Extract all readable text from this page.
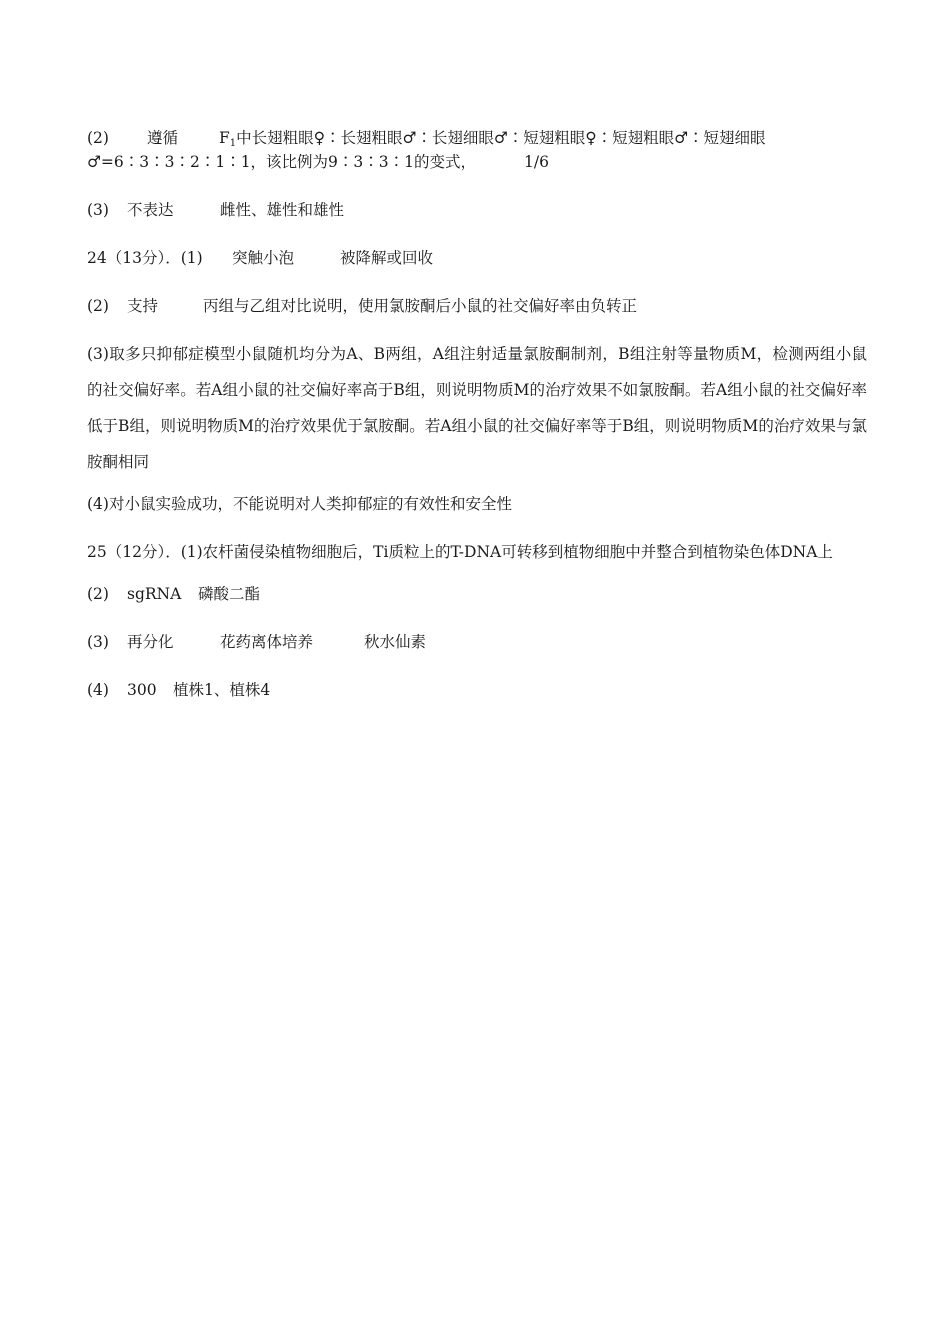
(2) 遵循	$F_1$中长翅粗眼♀∶长翅粗眼♂∶长翅细眼♂∶短翅粗眼♀∶短翅粗眼♂∶短翅细眼
♂=6∶3∶3∶2∶1∶1，该比例为9∶3∶3∶1的变式，	1/6
(3) 不表达	雌性、雄性和雄性
24（13分）．(1) 突触小泡	被降解或回收
(2) 支持	丙组与乙组对比说明，使用氯胺酮后小鼠的社交偏好率由负转正

(3)取多只抑郁症模型小鼠随机均分为A、B两组，A组注射适量氯胺酮制剂，B组注射等量物质M，检测两组小鼠的社交偏好率。若A组小鼠的社交偏好率高于B组，则说明物质M的治疗效果不如氯胺酮。若A组小鼠的社交偏好率低于B组，则说明物质M的治疗效果优于氯胺酮。若A组小鼠的社交偏好率等于B组，则说明物质M的治疗效果与氯胺酮相同

(4)对小鼠实验成功，不能说明对人类抑郁症的有效性和安全性

25（12分）．(1)农杆菌侵染植物细胞后，Ti质粒上的T-DNA可转移到植物细胞中并整合到植物染色体DNA上

(2) sgRNA 磷酸二酯
(3) 再分化	花药离体培养	秋水仙素
(4) 300 植株1、植株4
